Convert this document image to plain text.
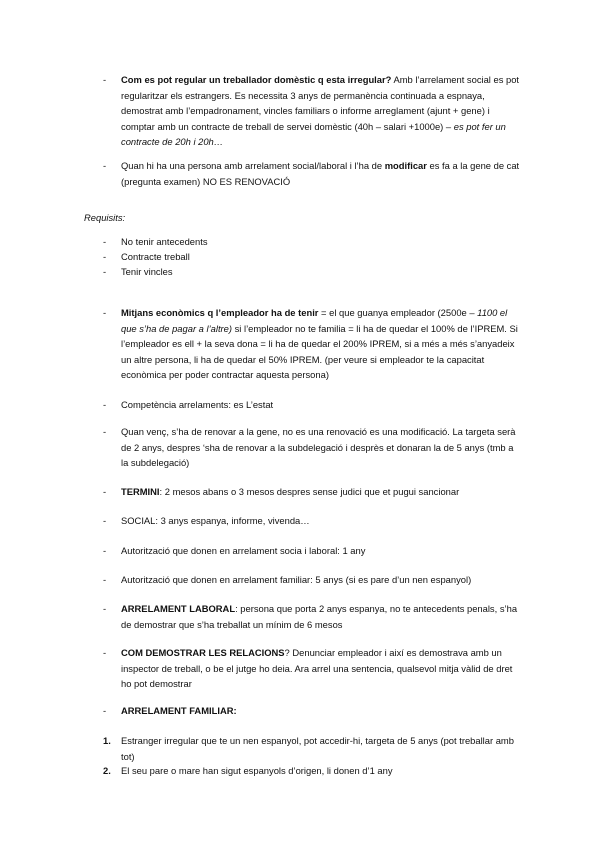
-	Com es pot regular un treballador domèstic q esta irregular? Amb l’arrelament social es pot regularitzar els estrangers. Es necessita 3 anys de permanència continuada a espnaya, demostrat amb l’empadronament, vincles familiars o informe arreglament (ajunt + gene) i comptar amb un contracte de treball de servei domèstic (40h – salari +1000e) – es pot fer un contracte de 20h i 20h…
-	Quan hi ha una persona amb arrelament social/laboral i l’ha de modificar es fa a la gene de cat (pregunta examen) NO ES RENOVACIÓ
Requisits:
-	No tenir antecedents
-	Contracte treball
-	Tenir vincles
-	Mitjans econòmics q l’empleador ha de tenir = el que guanya empleador (2500e – 1100 el que s’ha de pagar a l’altre) si l’empleador no te familia = li ha de quedar el 100% de l’IPREM. Si l’empleador es ell + la seva dona = li ha de quedar el 200% IPREM, si a més a més s’anyadeix un altre persona, li ha de quedar el 50% IPREM. (per veure si empleador te la capacitat econòmica per poder contractar aquesta persona)
-	Competència arrelaments: es L’estat
-	Quan venç, s’ha de renovar a la gene, no es una renovació es una modificació. La targeta serà de 2 anys, despres ‘sha de renovar a la subdelegació i desprès et donaran la de 5 anys (tmb a la subdelegació)
-	TERMINI: 2 mesos abans o 3 mesos despres sense judici que et pugui sancionar
-	SOCIAL: 3 anys espanya, informe, vivenda…
-	Autorització que donen en arrelament socia i laboral: 1 any
-	Autorització que donen en arrelament familiar: 5 anys (si es pare d’un nen espanyol)
-	ARRELAMENT LABORAL: persona que porta 2 anys espanya, no te antecedents penals, s’ha de demostrar que s’ha treballat un mínim de 6 mesos
-	COM DEMOSTRAR LES RELACIONS? Denunciar empleador i així es demostrava amb un inspector de treball, o be el jutge ho deia. Ara arrel una sentencia, qualsevol mitja vàlid de dret ho pot demostrar
-	ARRELAMENT FAMILIAR:
1.	Estranger irregular que te un nen espanyol, pot accedir-hi, targeta de 5 anys (pot treballar amb tot)
2.	El seu pare o mare han sigut espanyols d’origen, li donen d’1 any
